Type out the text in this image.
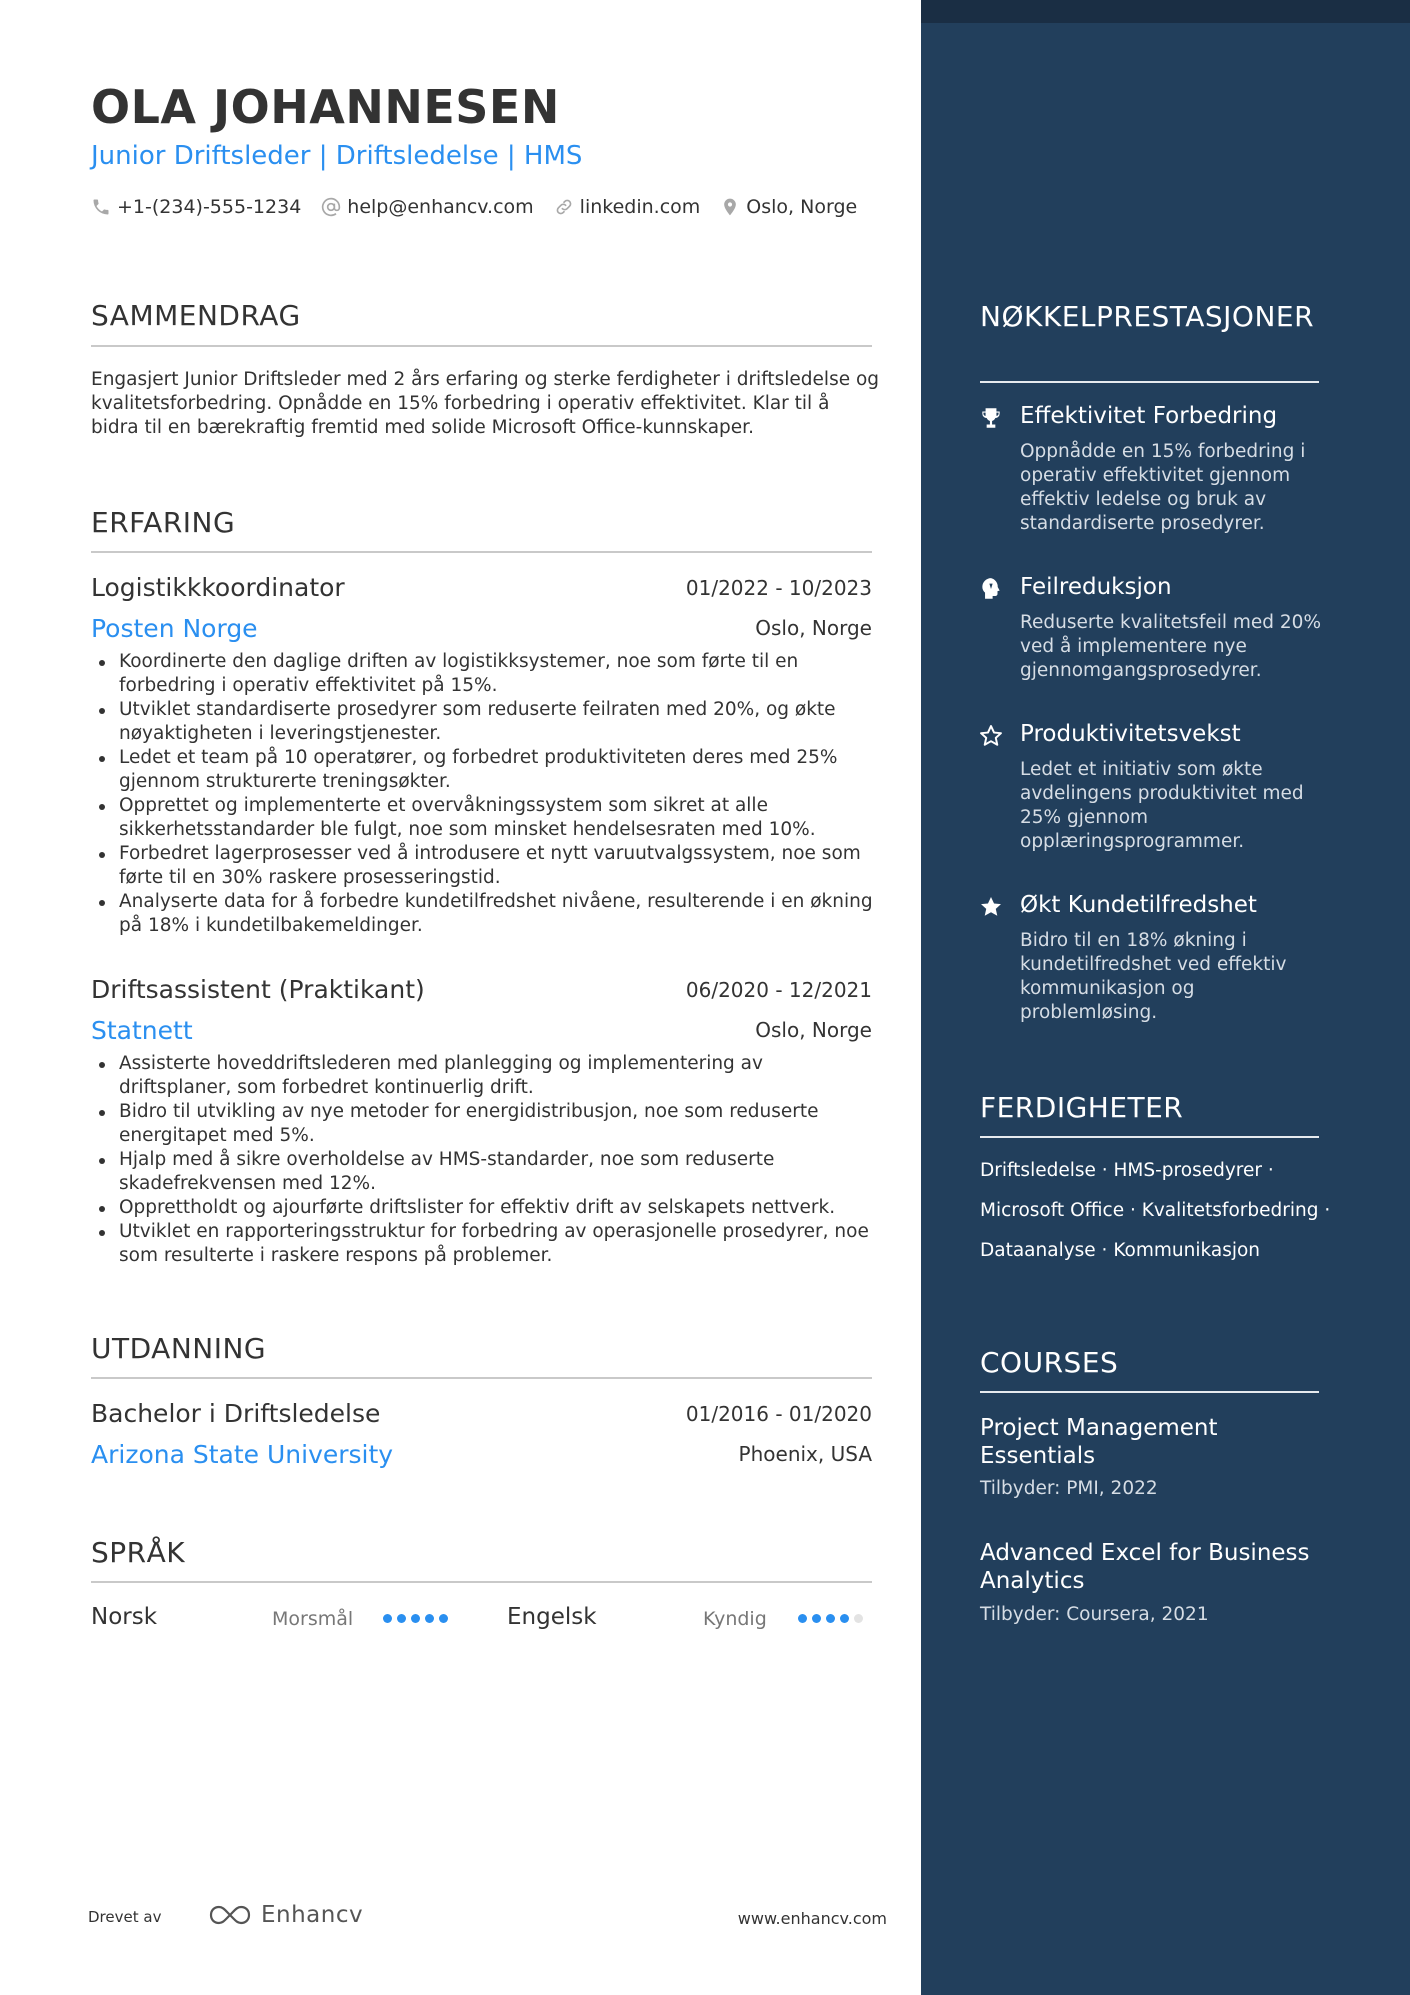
OLA JOHANNESEN
Junior Driftsleder | Driftsledelse | HMS
+1-(234)-555-1234 help@enhancv.com linkedin.com Oslo, Norge
SAMMENDRAG
Engasjert Junior Driftsleder med 2 års erfaring og sterke ferdigheter i driftsledelse og kvalitetsforbedring. Opnådde en 15% forbedring i operativ effektivitet. Klar til å bidra til en bærekraftig fremtid med solide Microsoft Office-kunnskaper.
ERFARING
Logistikkkoordinator	01/2022 - 10/2023
Posten Norge	Oslo, Norge
Koordinerte den daglige driften av logistikksystemer, noe som førte til en forbedring i operativ effektivitet på 15%.
Utviklet standardiserte prosedyrer som reduserte feilraten med 20%, og økte nøyaktigheten i leveringstjenester.
Ledet et team på 10 operatører, og forbedret produktiviteten deres med 25% gjennom strukturerte treningsøkter.
Opprettet og implementerte et overvåkningssystem som sikret at alle sikkerhetsstandarder ble fulgt, noe som minsket hendelsesraten med 10%.
Forbedret lagerprosesser ved å introdusere et nytt varuutvalgssystem, noe som førte til en 30% raskere prosesseringstid.
Analyserte data for å forbedre kundetilfredshet nivåene, resulterende i en økning på 18% i kundetilbakemeldinger.
Driftsassistent (Praktikant)	06/2020 - 12/2021
Statnett	Oslo, Norge
Assisterte hoveddriftslederen med planlegging og implementering av driftsplaner, som forbedret kontinuerlig drift.
Bidro til utvikling av nye metoder for energidistribusjon, noe som reduserte energitapet med 5%.
Hjalp med å sikre overholdelse av HMS-standarder, noe som reduserte skadefrekvensen med 12%.
Opprettholdt og ajourførte driftslister for effektiv drift av selskapets nettverk.
Utviklet en rapporteringsstruktur for forbedring av operasjonelle prosedyrer, noe som resulterte i raskere respons på problemer.
UTDANNING
Bachelor i Driftsledelse	01/2016 - 01/2020
Arizona State University	Phoenix, USA
SPRÅK
Norsk	Morsmål	Engelsk	Kyndig
Drevet av	Enhancv	www.enhancv.com
NØKKELPRESTASJONER
Effektivitet Forbedring
Oppnådde en 15% forbedring i operativ effektivitet gjennom effektiv ledelse og bruk av standardiserte prosedyrer.
Feilreduksjon
Reduserte kvalitetsfeil med 20% ved å implementere nye gjennomgangsprosedyrer.
Produktivitetsvekst
Ledet et initiativ som økte avdelingens produktivitet med 25% gjennom opplæringsprogrammer.
Økt Kundetilfredshet
Bidro til en 18% økning i kundetilfredshet ved effektiv kommunikasjon og problemløsing.
FERDIGHETER
Driftsledelse · HMS-prosedyrer ·
Microsoft Office · Kvalitetsforbedring ·
Dataanalyse · Kommunikasjon
COURSES
Project Management Essentials
Tilbyder: PMI, 2022
Advanced Excel for Business Analytics
Tilbyder: Coursera, 2021
